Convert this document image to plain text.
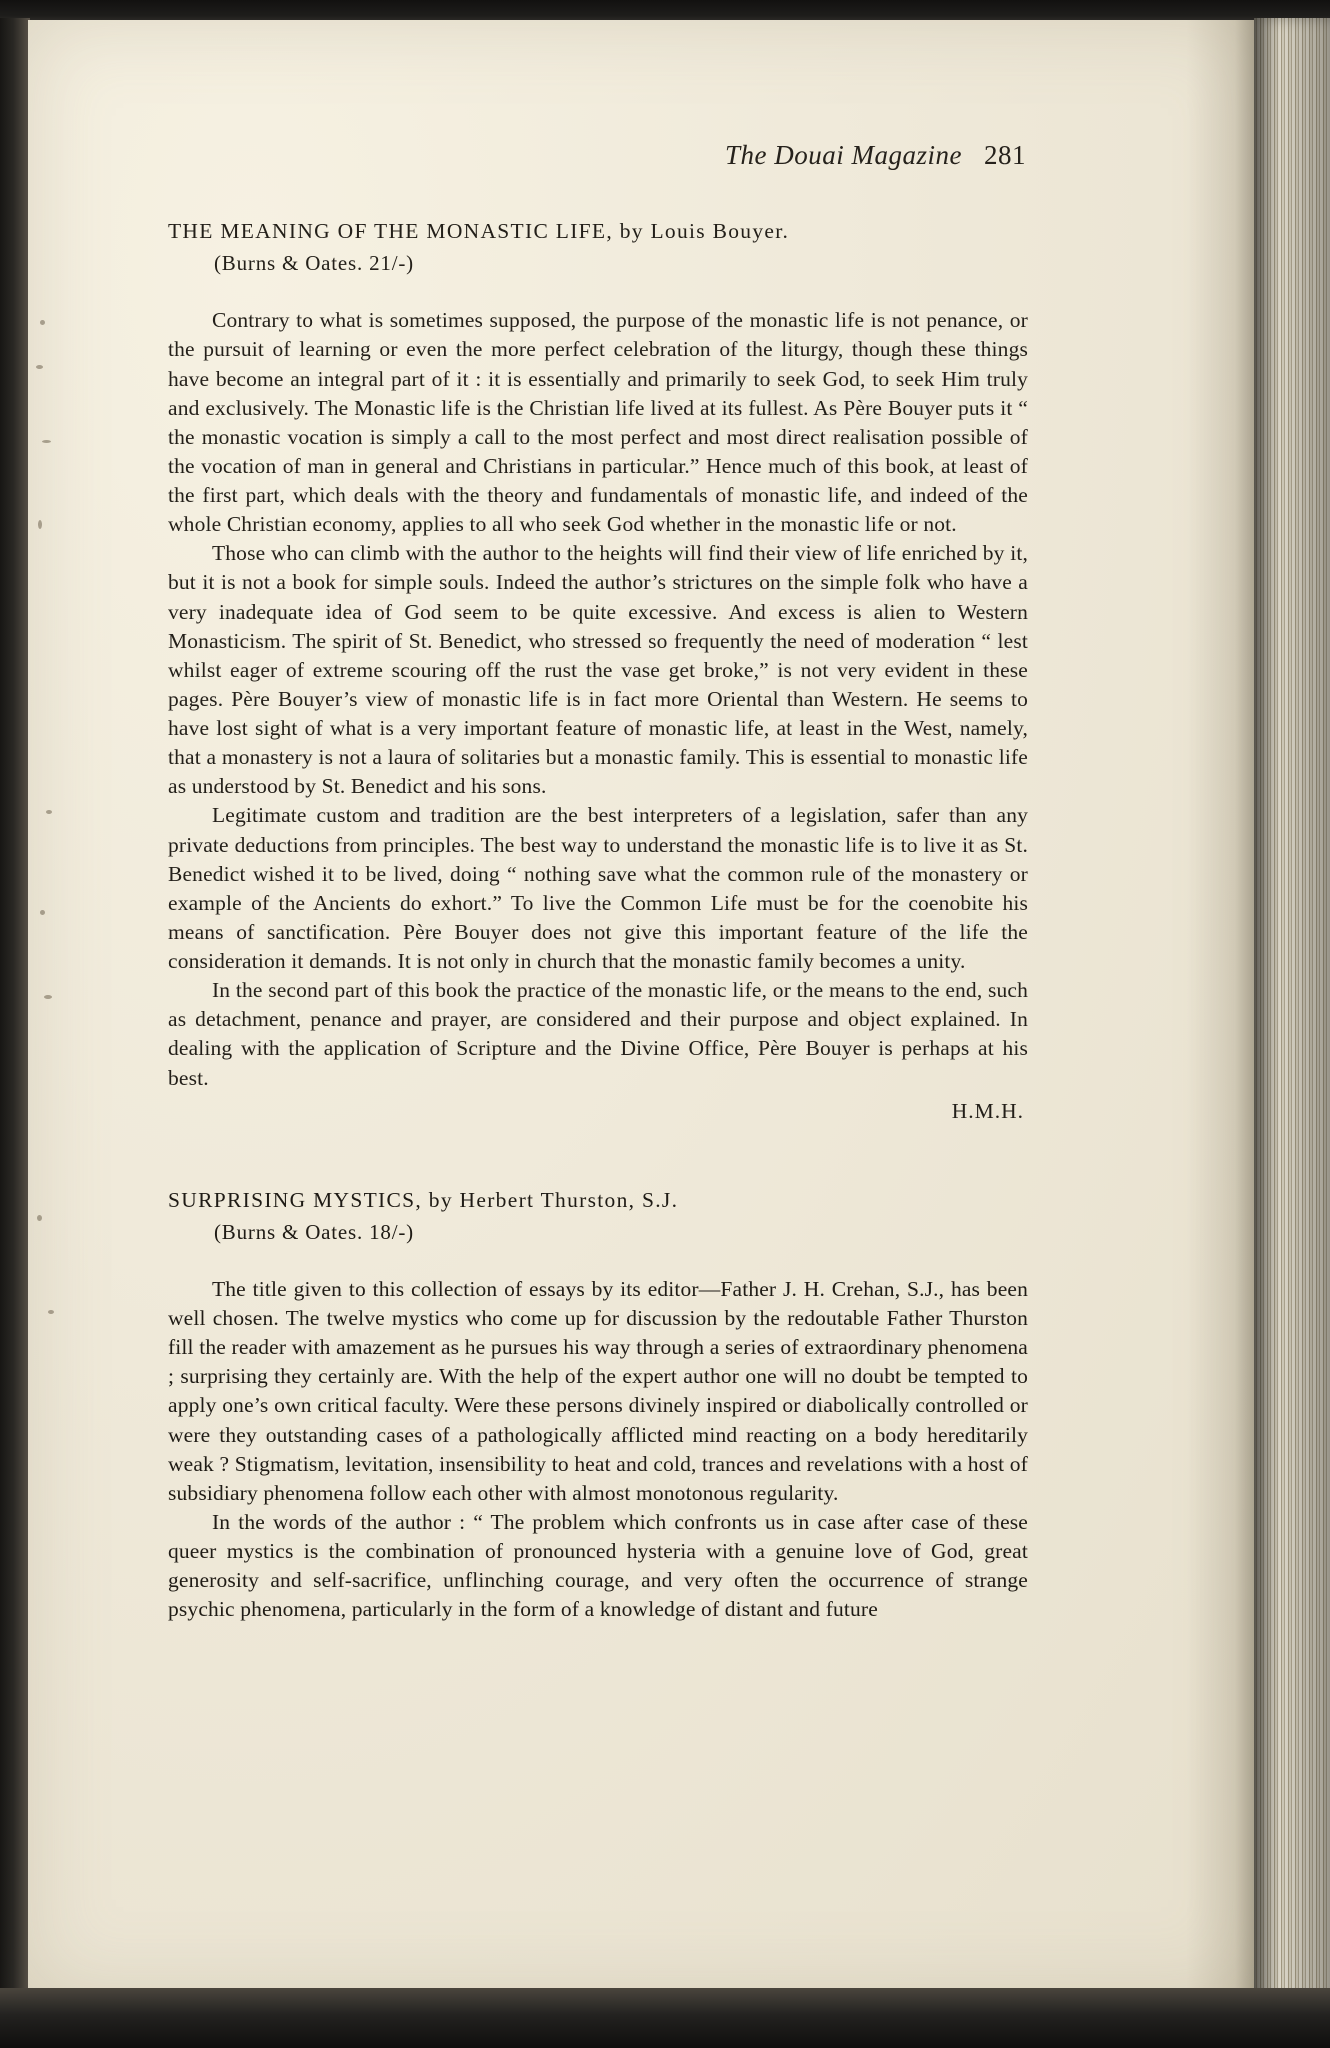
The Douai Magazine 281
THE MEANING OF THE MONASTIC LIFE, by Louis Bouyer.
(Burns & Oates. 21/-)

Contrary to what is sometimes supposed, the purpose of the monastic life is not penance, or the pursuit of learning or even the more perfect celebration of the liturgy, though these things have become an integral part of it : it is essentially and primarily to seek God, to seek Him truly and exclusively. The Monastic life is the Christian life lived at its fullest. As Père Bouyer puts it “ the monastic vocation is simply a call to the most perfect and most direct realisation possible of the vocation of man in general and Christians in particular.” Hence much of this book, at least of the first part, which deals with the theory and fundamentals of monastic life, and indeed of the whole Christian economy, applies to all who seek God whether in the monastic life or not.

Those who can climb with the author to the heights will find their view of life enriched by it, but it is not a book for simple souls. Indeed the author’s strictures on the simple folk who have a very inadequate idea of God seem to be quite excessive. And excess is alien to Western Monasticism. The spirit of St. Benedict, who stressed so frequently the need of moderation “ lest whilst eager of extreme scouring off the rust the vase get broke,” is not very evident in these pages. Père Bouyer’s view of monastic life is in fact more Oriental than Western. He seems to have lost sight of what is a very important feature of monastic life, at least in the West, namely, that a monastery is not a laura of solitaries but a monastic family. This is essential to monastic life as understood by St. Benedict and his sons.

Legitimate custom and tradition are the best interpreters of a legislation, safer than any private deductions from principles. The best way to understand the monastic life is to live it as St. Benedict wished it to be lived, doing “ nothing save what the common rule of the monastery or example of the Ancients do exhort.” To live the Common Life must be for the coenobite his means of sanctification. Père Bouyer does not give this important feature of the life the consideration it demands. It is not only in church that the monastic family becomes a unity.

In the second part of this book the practice of the monastic life, or the means to the end, such as detachment, penance and prayer, are considered and their purpose and object explained. In dealing with the application of Scripture and the Divine Office, Père Bouyer is perhaps at his best.

H.M.H.
SURPRISING MYSTICS, by Herbert Thurston, S.J.
(Burns & Oates. 18/-)

The title given to this collection of essays by its editor—Father J. H. Crehan, S.J., has been well chosen. The twelve mystics who come up for discussion by the redoutable Father Thurston fill the reader with amazement as he pursues his way through a series of extraordinary phenomena ; surprising they certainly are. With the help of the expert author one will no doubt be tempted to apply one’s own critical faculty. Were these persons divinely inspired or diabolically controlled or were they outstanding cases of a pathologically afflicted mind reacting on a body hereditarily weak ? Stigmatism, levitation, insensibility to heat and cold, trances and revelations with a host of subsidiary phenomena follow each other with almost monotonous regularity.

In the words of the author : “ The problem which confronts us in case after case of these queer mystics is the combination of pronounced hysteria with a genuine love of God, great generosity and self-sacrifice, unflinching courage, and very often the occurrence of strange psychic phenomena, particularly in the form of a knowledge of distant and future
